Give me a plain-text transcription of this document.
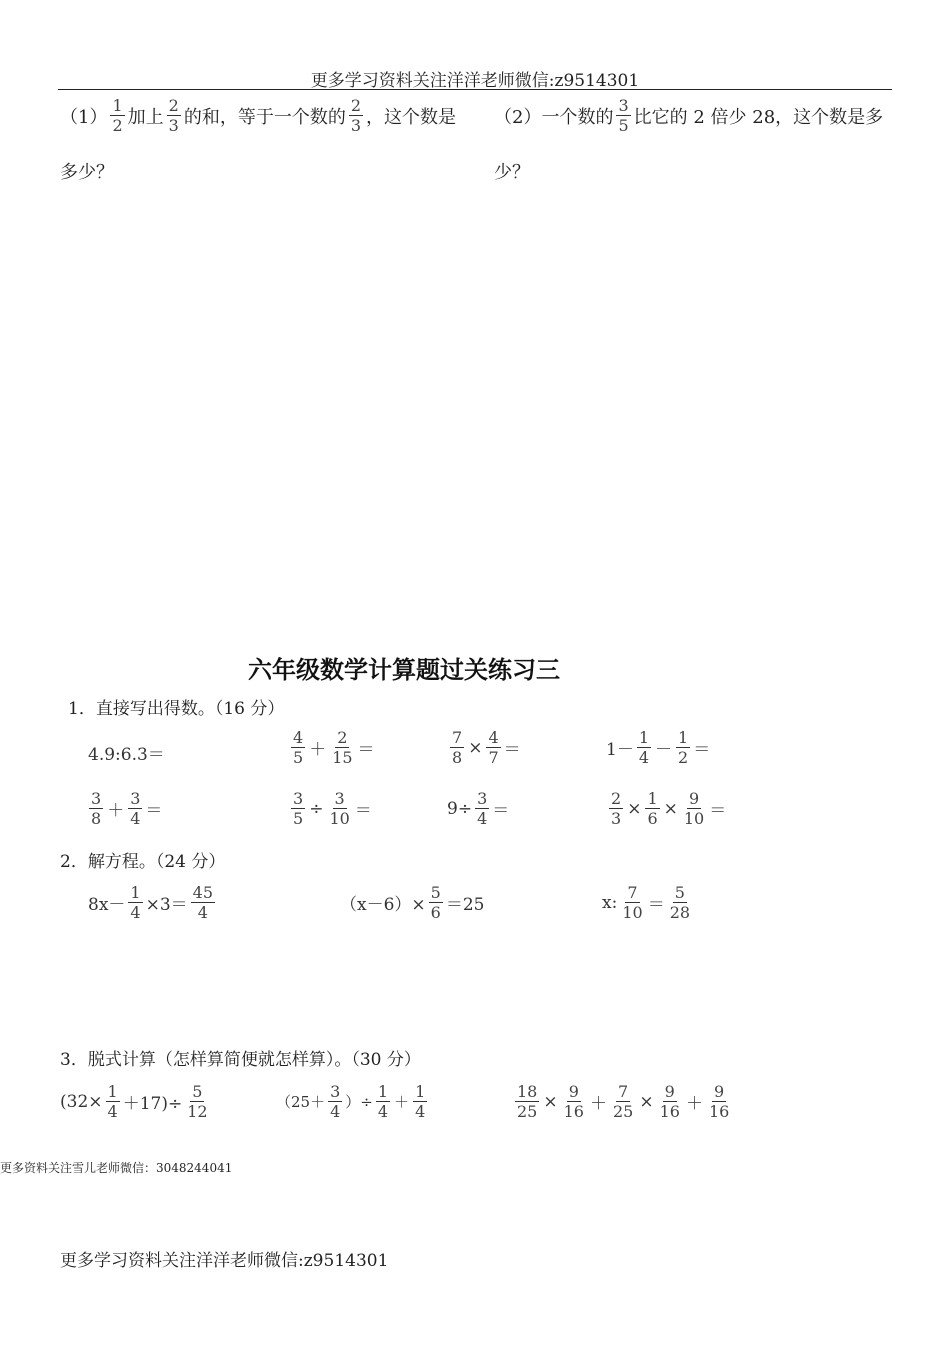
更多学习资料关注洋洋老师微信:z9514301
$(1) \frac{1}{2}$ 加上 $\frac{2}{3}$ 的和，等于一个数的 $\frac{2}{3}$ ，这个数是
多少？
（2）一个数的 $\frac{3}{5}$ 比它的 2 倍少 28，这个数是多
少？
六年级数学计算题过关练习三
1．直接写出得数。（16 分）
4.9:6.3＝	$\frac{4}{5} + \frac{2}{15}$ ＝	$\frac{7}{8} \times \frac{4}{7}$ ＝	$1- \frac{1}{4} - \frac{1}{2}$ ＝
$\frac{3}{8} + \frac{3}{4}$ ＝	$\frac{3}{5} \div \frac{3}{10}$ ＝	$9\div \frac{3}{4}$ ＝	$\frac{2}{3} \times \frac{1}{6} \times \frac{9}{10}$ ＝
2．解方程。（24 分）
$8x- \frac{1}{4} \times 3= \frac{45}{4}$	$(x-6)\times \frac{5}{6} =25$	x: $\frac{7}{10} = \frac{5}{28}$
3．脱式计算（怎样算简便就怎样算）。（30 分）
$(32\times \frac{1}{4} +17)\div \frac{5}{12}$	（$25+ \frac{3}{4}$ ）÷ $\frac{1}{4} + \frac{1}{4}$	$\frac{18}{25} \times \frac{9}{16} + \frac{7}{25} \times \frac{9}{16} + \frac{9}{16}$
更多资料关注雪儿老师微信：3048244041
更多学习资料关注洋洋老师微信:z9514301
